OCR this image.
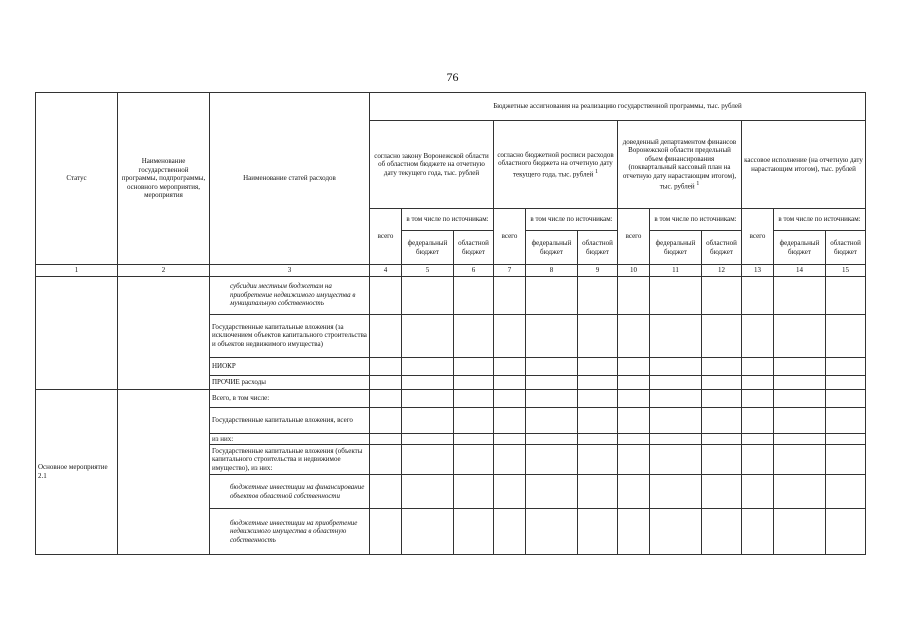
76
Статус	Наименование государственной программы, подпрограммы, основного мероприятия, мероприятия	Наименование статей расходов	Бюджетные ассигнования на реализацию государственной программы, тыс. рублей											
			согласно закону Воронежской области об областном бюджете на отчетную дату текущего года, тыс. рублей			согласно бюджетной росписи расходов областного бюджета на отчетную дату текущего года, тыс. рублей $^1$			доведенный департаментом финансов Воронежской области предельный объем финансирования (поквартальный кассовый план на отчетную дату нарастающим итогом), тыс. рублей $^1$			кассовое исполнение (на отчетную дату нарастающим итогом), тыс. рублей		
			всего	в том числе по источникам:		всего	в том числе по источникам:		всего	в том числе по источникам:		всего	в том числе по источникам:	
				федеральный бюджет	областной бюджет		федеральный бюджет	областной бюджет		федеральный бюджет	областной бюджет		федеральный бюджет	областной бюджет
1	2	3	4	5	6	7	8	9	10	11	12	13	14	15
		субсидии местным бюджетам на приобретение недвижимого имущества в муниципальную собственность												
		Государственные капитальные вложения (за исключением объектов капитального строительства и объектов недвижимого имущества)												
		НИОКР												
		ПРОЧИЕ расходы												
Основное мероприятие 2.1		Всего, в том числе:												
		Государственные капитальные вложения, всего												
		из них:												
		Государственные капитальные вложения (объекты капитального строительства и недвижимое имущество), из них:												
		бюджетные инвестиции на финансирование объектов областной собственности												
		бюджетные инвестиции на приобретение недвижимого имущества в областную собственность												
